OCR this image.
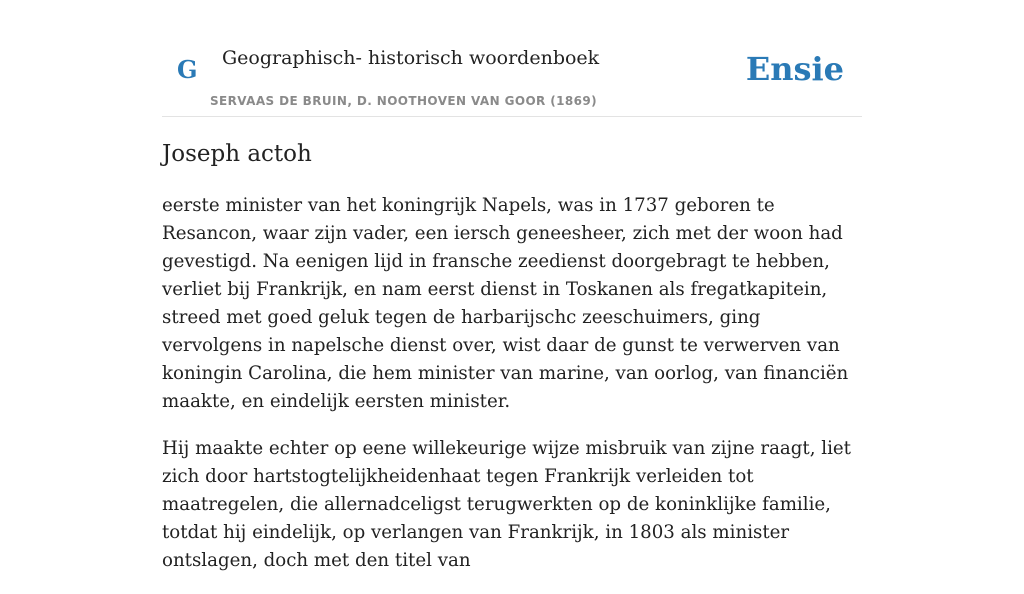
G Geographisch- historisch woordenboek
SERVAAS DE BRUIN, D. NOOTHOVEN VAN GOOR (1869)
Ensie
Joseph actoh

eerste minister van het koningrijk Napels, was in 1737 geboren te Resancon, waar zijn vader, een iersch geneesheer, zich met der woon had gevestigd. Na eenigen lijd in fransche zeedienst doorgebragt te hebben, verliet bij Frankrijk, en nam eerst dienst in Toskanen als fregatkapitein, streed met goed geluk tegen de harbarijschc zeeschuimers, ging vervolgens in napelsche dienst over, wist daar de gunst te verwerven van koningin Carolina, die hem minister van marine, van oorlog, van financiën maakte, en eindelijk eersten minister.

Hij maakte echter op eene willekeurige wijze misbruik van zijne raagt, liet zich door hartstogtelijkheidenhaat tegen Frankrijk verleiden tot maatregelen, die allernadceligst terugwerkten op de koninklijke familie, totdat hij eindelijk, op verlangen van Frankrijk, in 1803 als minister ontslagen, doch met den titel van
